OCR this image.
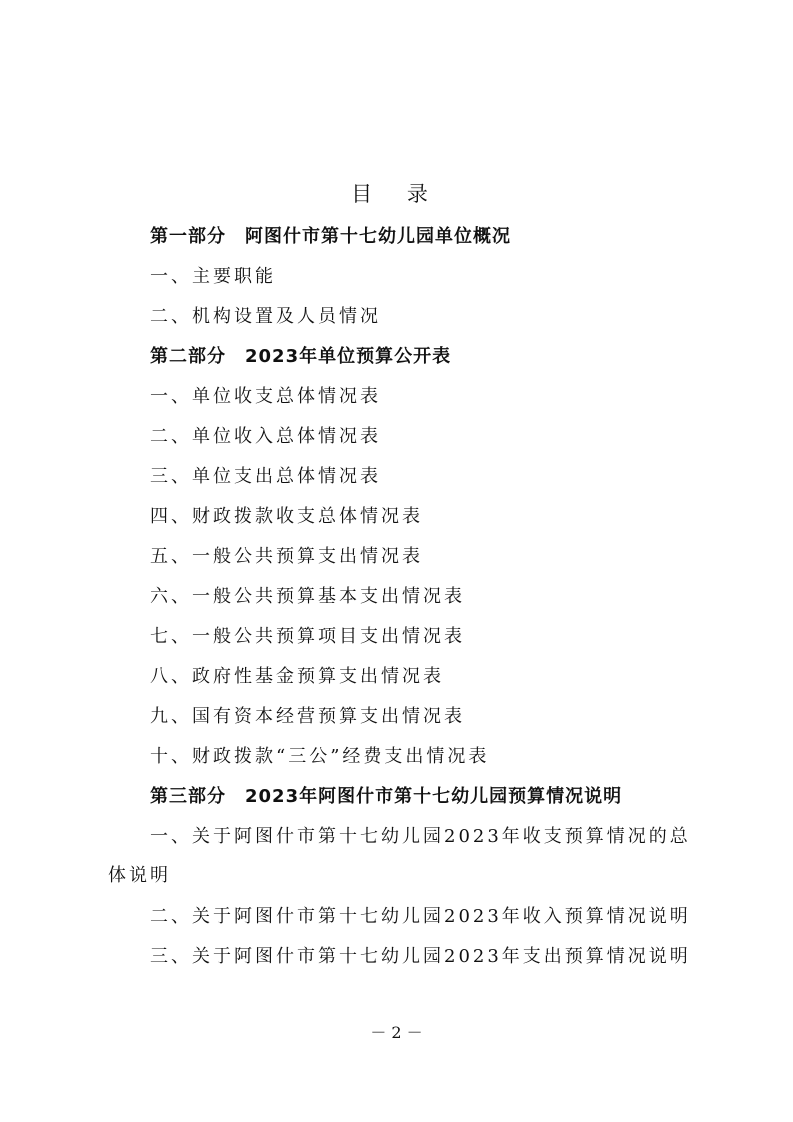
目 录
第一部分　阿图什市第十七幼儿园单位概况
一、主要职能
二、机构设置及人员情况
第二部分　2023年单位预算公开表
一、单位收支总体情况表
二、单位收入总体情况表
三、单位支出总体情况表
四、财政拨款收支总体情况表
五、一般公共预算支出情况表
六、一般公共预算基本支出情况表
七、一般公共预算项目支出情况表
八、政府性基金预算支出情况表
九、国有资本经营预算支出情况表
十、财政拨款“三公”经费支出情况表
第三部分　2023年阿图什市第十七幼儿园预算情况说明
一、关于阿图什市第十七幼儿园2023年收支预算情况的总
体说明
二、关于阿图什市第十七幼儿园2023年收入预算情况说明
三、关于阿图什市第十七幼儿园2023年支出预算情况说明
－ 2 －
